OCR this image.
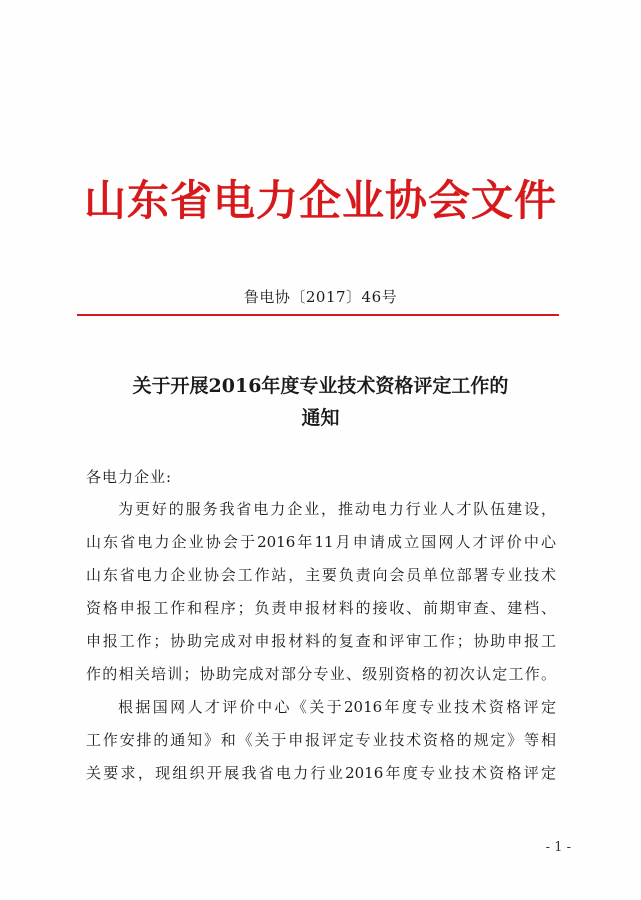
山东省电力企业协会文件
鲁电协〔2017〕46号
关于开展2016年度专业技术资格评定工作的
通知
各电力企业:
为更好的服务我省电力企业，推动电力行业人才队伍建设，
山东省电力企业协会于2016年11月申请成立国网人才评价中心
山东省电力企业协会工作站，主要负责向会员单位部署专业技术
资格申报工作和程序；负责申报材料的接收、前期审查、建档、
申报工作；协助完成对申报材料的复查和评审工作；协助申报工
作的相关培训；协助完成对部分专业、级别资格的初次认定工作。
根据国网人才评价中心《关于2016年度专业技术资格评定
工作安排的通知》和《关于申报评定专业技术资格的规定》等相
关要求，现组织开展我省电力行业2016年度专业技术资格评定
- 1 -
